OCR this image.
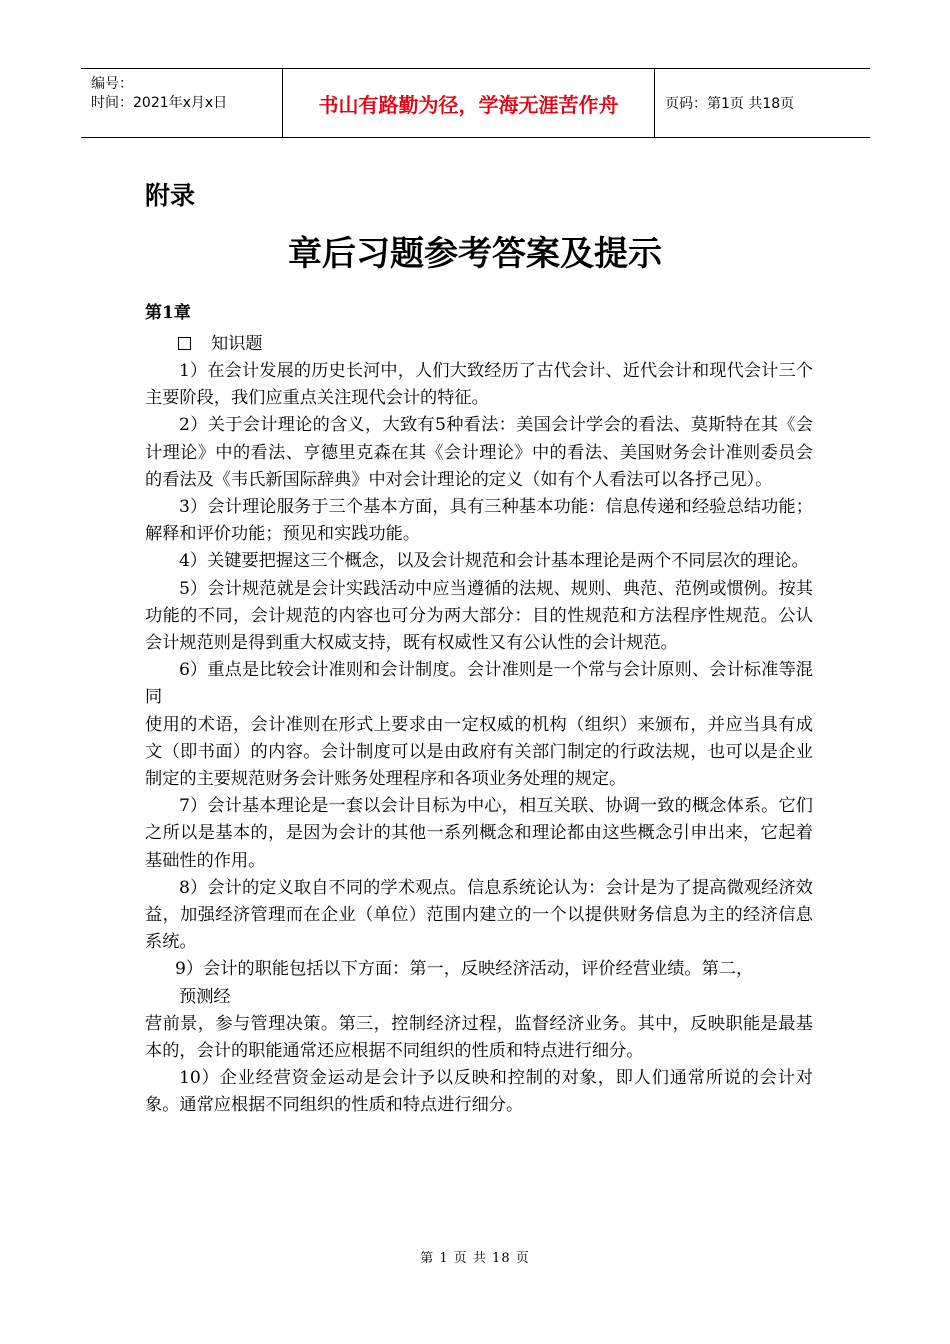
编号：
时间：2021年x月x日	书山有路勤为径，学海无涯苦作舟	页码：第1页 共18页
附录
章后习题参考答案及提示
第1章
知识题
1）在会计发展的历史长河中，人们大致经历了古代会计、近代会计和现代会计三个主要阶段，我们应重点关注现代会计的特征。
2）关于会计理论的含义，大致有5种看法：美国会计学会的看法、莫斯特在其《会计理论》中的看法、亨德里克森在其《会计理论》中的看法、美国财务会计准则委员会的看法及《韦氏新国际辞典》中对会计理论的定义（如有个人看法可以各抒己见）。
3）会计理论服务于三个基本方面，具有三种基本功能：信息传递和经验总结功能；解释和评价功能；预见和实践功能。
4）关键要把握这三个概念，以及会计规范和会计基本理论是两个不同层次的理论。
5）会计规范就是会计实践活动中应当遵循的法规、规则、典范、范例或惯例。按其功能的不同，会计规范的内容也可分为两大部分：目的性规范和方法程序性规范。公认会计规范则是得到重大权威支持，既有权威性又有公认性的会计规范。
6）重点是比较会计准则和会计制度。会计准则是一个常与会计原则、会计标准等混同
使用的术语，会计准则在形式上要求由一定权威的机构（组织）来颁布，并应当具有成文（即书面）的内容。会计制度可以是由政府有关部门制定的行政法规，也可以是企业制定的主要规范财务会计账务处理程序和各项业务处理的规定。
7）会计基本理论是一套以会计目标为中心，相互关联、协调一致的概念体系。它们之所以是基本的，是因为会计的其他一系列概念和理论都由这些概念引申出来，它起着基础性的作用。
8）会计的定义取自不同的学术观点。信息系统论认为：会计是为了提高微观经济效益，加强经济管理而在企业（单位）范围内建立的一个以提供财务信息为主的经济信息系统。
9）会计的职能包括以下方面：第一，反映经济活动，评价经营业绩。第二，
预测经
营前景，参与管理决策。第三，控制经济过程，监督经济业务。其中，反映职能是最基本的，会计的职能通常还应根据不同组织的性质和特点进行细分。
10）企业经营资金运动是会计予以反映和控制的对象，即人们通常所说的会计对象。通常应根据不同组织的性质和特点进行细分。
第 1 页 共 18 页
